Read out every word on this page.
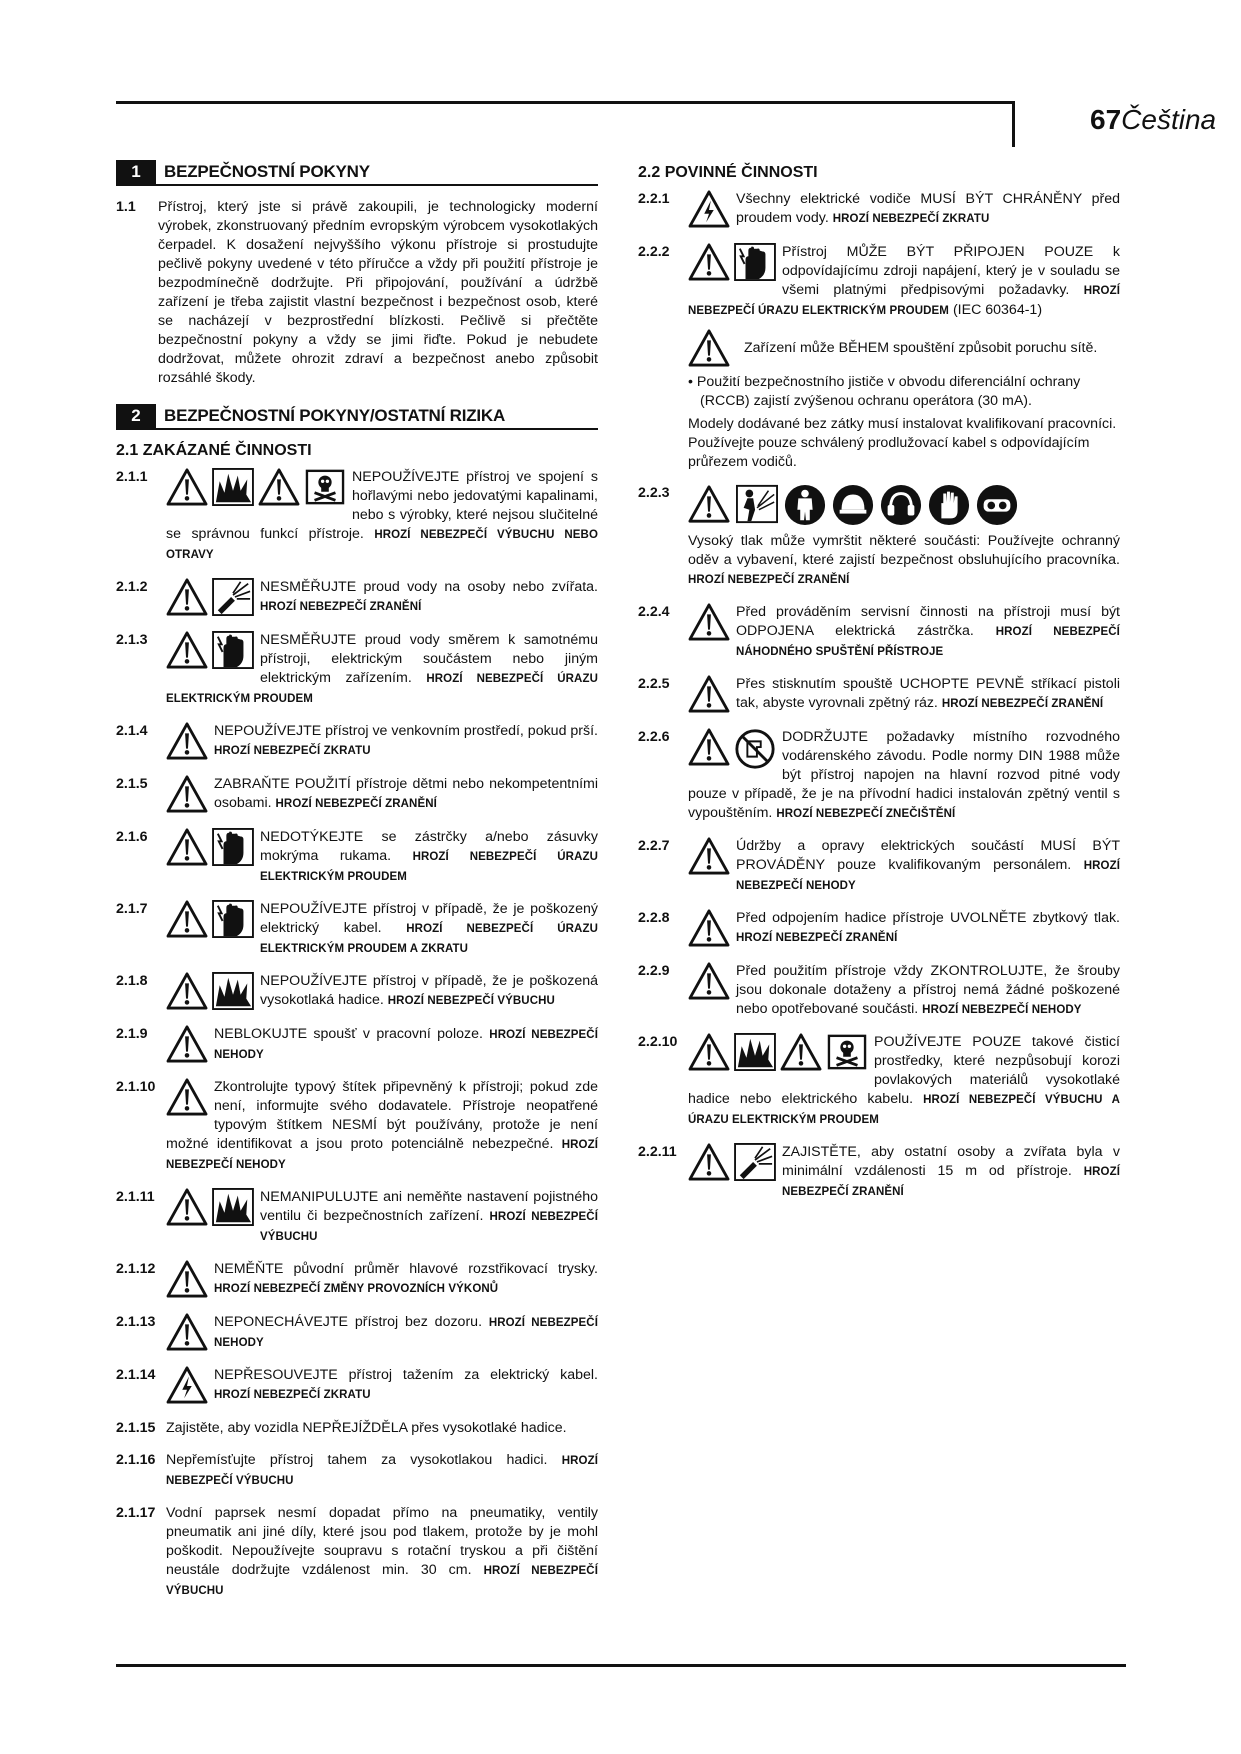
67Čeština
1	BEZPEČNOSTNÍ POKYNY
1.1	Přístroj, který jste si právě zakoupili, je technologicky moderní výrobek, zkonstruovaný předním evropským výrobcem vysokotlakých čerpadel. K dosažení nejvyššího výkonu přístroje si prostudujte pečlivě pokyny uvedené v této příručce a vždy při použití přístroje je bezpodmínečně dodržujte. Při připojování, používání a údržbě zařízení je třeba zajistit vlastní bezpečnost i bezpečnost osob, které se nacházejí v bezprostřední blízkosti. Pečlivě si přečtěte bezpečnostní pokyny a vždy se jimi řiďte. Pokud je nebudete dodržovat, můžete ohrozit zdraví a bezpečnost anebo způsobit rozsáhlé škody.
2	BEZPEČNOSTNÍ POKYNY/OSTATNÍ RIZIKA
2.1 ZAKÁZANÉ ČINNOSTI
2.1.1	NEPOUŽÍVEJTE přístroj ve spojení s hořlavými nebo jedovatými kapalinami, nebo s výrobky, které nejsou slučitelné se správnou funkcí přístroje. HROZÍ NEBEZPEČÍ VÝBUCHU NEBO OTRAVY
2.1.2	NESMĚŘUJTE proud vody na osoby nebo zvířata. HROZÍ NEBEZPEČÍ ZRANĚNÍ
2.1.3	NESMĚŘUJTE proud vody směrem k samotnému přístroji, elektrickým součástem nebo jiným elektrickým zařízením. HROZÍ NEBEZPEČÍ ÚRAZU ELEKTRICKÝM PROUDEM
2.1.4	NEPOUŽÍVEJTE přístroj ve venkovním prostředí, pokud prší. HROZÍ NEBEZPEČÍ ZKRATU
2.1.5	ZABRAŇTE POUŽITÍ přístroje dětmi nebo nekompetentními osobami. HROZÍ NEBEZPEČÍ ZRANĚNÍ
2.1.6	NEDOTÝKEJTE se zástrčky a/nebo zásuvky mokrýma rukama. HROZÍ NEBEZPEČÍ ÚRAZU ELEKTRICKÝM PROUDEM
2.1.7	NEPOUŽÍVEJTE přístroj v případě, že je poškozený elektrický kabel. HROZÍ NEBEZPEČÍ ÚRAZU ELEKTRICKÝM PROUDEM A ZKRATU
2.1.8	NEPOUŽÍVEJTE přístroj v případě, že je poškozená vysokotlaká hadice. HROZÍ NEBEZPEČÍ VÝBUCHU
2.1.9	NEBLOKUJTE spoušť v pracovní poloze. HROZÍ NEBEZPEČÍ NEHODY
2.1.10	Zkontrolujte typový štítek připevněný k přístroji; pokud zde není, informujte svého dodavatele. Přístroje neopatřené typovým štítkem NESMÍ být používány, protože je není možné identifikovat a jsou proto potenciálně nebezpečné. HROZÍ NEBEZPEČÍ NEHODY
2.1.11	NEMANIPULUJTE ani neměňte nastavení pojistného ventilu či bezpečnostních zařízení. HROZÍ NEBEZPEČÍ VÝBUCHU
2.1.12	NEMĚŇTE původní průměr hlavové rozstřikovací trysky. HROZÍ NEBEZPEČÍ ZMĚNY PROVOZNÍCH VÝKONŮ
2.1.13	NEPONECHÁVEJTE přístroj bez dozoru. HROZÍ NEBEZPEČÍ NEHODY
2.1.14	NEPŘESOUVEJTE přístroj tažením za elektrický kabel. HROZÍ NEBEZPEČÍ ZKRATU
2.1.15 Zajistěte, aby vozidla NEPŘEJÍŽDĚLA přes vysokotlaké hadice.
2.1.16 Nepřemísťujte přístroj tahem za vysokotlakou hadici. HROZÍ NEBEZPEČÍ VÝBUCHU
2.1.17 Vodní paprsek nesmí dopadat přímo na pneumatiky, ventily pneumatik ani jiné díly, které jsou pod tlakem, protože by je mohl poškodit. Nepoužívejte soupravu s rotační tryskou a při čištění neustále dodržujte vzdálenost min. 30 cm. HROZÍ NEBEZPEČÍ VÝBUCHU
2.2 POVINNÉ ČINNOSTI
2.2.1	Všechny elektrické vodiče MUSÍ BÝT CHRÁNĚNY před proudem vody. HROZÍ NEBEZPEČÍ ZKRATU
2.2.2	Přístroj MŮŽE BÝT PŘIPOJEN POUZE k odpovídajícímu zdroji napájení, který je v souladu se všemi platnými předpisovými požadavky. HROZÍ NEBEZPEČÍ ÚRAZU ELEKTRICKÝM PROUDEM (IEC 60364-1)
Zařízení může BĚHEM spouštění způsobit poruchu sítě.
• Použití bezpečnostního jističe v obvodu diferenciální ochrany (RCCB) zajistí zvýšenou ochranu operátora (30 mA).
Modely dodávané bez zátky musí instalovat kvalifikovaní pracovníci. Používejte pouze schválený prodlužovací kabel s odpovídajícím průřezem vodičů.
2.2.3
Vysoký tlak může vymrštit některé součásti: Používejte ochranný oděv a vybavení, které zajistí bezpečnost obsluhujícího pracovníka. HROZÍ NEBEZPEČÍ ZRANĚNÍ
2.2.4	Před prováděním servisní činnosti na přístroji musí být ODPOJENA elektrická zástrčka. HROZÍ NEBEZPEČÍ NÁHODNÉHO SPUŠTĚNÍ PŘÍSTROJE
2.2.5	Přes stisknutím spouště UCHOPTE PEVNĚ stříkací pistoli tak, abyste vyrovnali zpětný ráz. HROZÍ NEBEZPEČÍ ZRANĚNÍ
2.2.6	DODRŽUJTE požadavky místního rozvodného vodárenského závodu. Podle normy DIN 1988 může být přístroj napojen na hlavní rozvod pitné vody pouze v případě, že je na přívodní hadici instalován zpětný ventil s vypouštěním. HROZÍ NEBEZPEČÍ ZNEČIŠTĚNÍ
2.2.7	Údržby a opravy elektrických součástí MUSÍ BÝT PROVÁDĚNY pouze kvalifikovaným personálem. HROZÍ NEBEZPEČÍ NEHODY
2.2.8	Před odpojením hadice přístroje UVOLNĚTE zbytkový tlak. HROZÍ NEBEZPEČÍ ZRANĚNÍ
2.2.9	Před použitím přístroje vždy ZKONTROLUJTE, že šrouby jsou dokonale dotaženy a přístroj nemá žádné poškozené nebo opotřebované součásti. HROZÍ NEBEZPEČÍ NEHODY
2.2.10	POUŽÍVEJTE POUZE takové čisticí prostředky, které nezpůsobují korozi povlakových materiálů vysokotlaké hadice nebo elektrického kabelu. HROZÍ NEBEZPEČÍ VÝBUCHU A ÚRAZU ELEKTRICKÝM PROUDEM
2.2.11	ZAJISTĚTE, aby ostatní osoby a zvířata byla v minimální vzdálenosti 15 m od přístroje. HROZÍ NEBEZPEČÍ ZRANĚNÍ
